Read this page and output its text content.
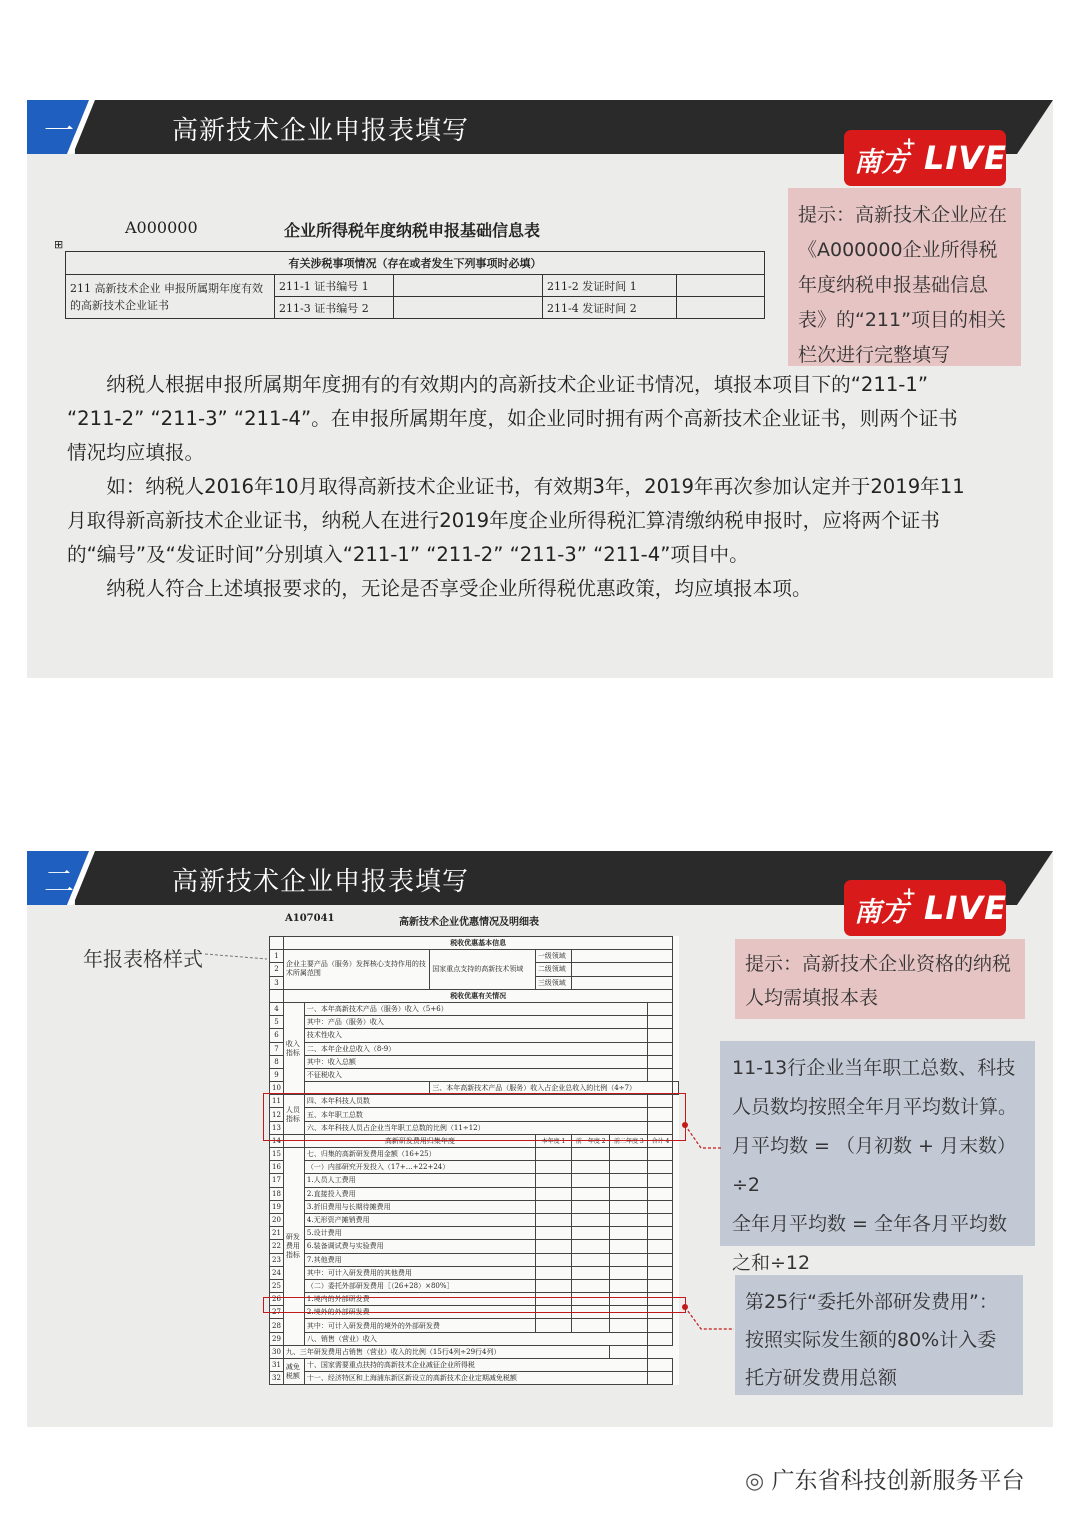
一	高新技术企业申报表填写
南方
+ LIVE
提示：高新技术企业应在《A000000企业所得税年度纳税申报基础信息表》的“211”项目的相关栏次进行完整填写
A000000	企业所得税年度纳税申报基础信息表
⊞
有关涉税事项情况（存在或者发生下列事项时必填）				
211 高新技术企业 申报所属期年度有效的高新技术企业证书	211-1 证书编号 1		211-2 发证时间 1	
	211-3 证书编号 2		211-4 发证时间 2	

纳税人根据申报所属期年度拥有的有效期内的高新技术企业证书情况，填报本项目下的“211-1” “211-2” “211-3” “211-4”。在申报所属期年度，如企业同时拥有两个高新技术企业证书，则两个证书情况均应填报。

如：纳税人2016年10月取得高新技术企业证书，有效期3年，2019年再次参加认定并于2019年11月取得新高新技术企业证书，纳税人在进行2019年度企业所得税汇算清缴纳税申报时，应将两个证书的“编号”及“发证时间”分别填入“211-1” “211-2” “211-3” “211-4”项目中。

纳税人符合上述填报要求的，无论是否享受企业所得税优惠政策，均应填报本项。

二	高新技术企业申报表填写
南方
+ LIVE
年报表格样式	提示：高新技术企业资格的纳税人均需填报本表
11-13行企业当年职工总数、科技人员数均按照全年月平均数计算。
月平均数 = （月初数 + 月末数）÷2
全年月平均数 = 全年各月平均数之和÷12
第25行“委托外部研发费用”：按照实际发生额的80%计入委托方研发费用总额
A107041	高新技术企业优惠情况及明细表
	税收优惠基本信息							
1	企业主要产品（服务）发挥核心支持作用的技术所属范围		国家重点支持的高新技术领域	一级领域				
2				二级领域				
3				三级领域				
	税收优惠有关情况							
4	收入指标	一、本年高新技术产品（服务）收入（5+6）						
5		其中：产品（服务）收入						
6		技术性收入						
7		二、本年企业总收入（8-9）						
8		其中：收入总额						
9		不征税收入						
10			三、本年高新技术产品（服务）收入占企业总收入的比例（4÷7）					
11	人员指标	四、本年科技人员数						
12		五、本年职工总数						
13		六、本年科技人员占企业当年职工总数的比例（11÷12）						
14		高新研发费用归集年度		本年度 1	前一年度 2	前二年度 3	合计 4	
15	研发费用指标	七、归集的高新研发费用金额（16+25）						
16		（一）内部研究开发投入（17+…+22+24）						
17		1.人员人工费用						
18		2.直接投入费用						
19		3.折旧费用与长期待摊费用						
20		4.无形资产摊销费用						
21		5.设计费用						
22		6.装备调试费与实验费用						
23		7.其他费用						
24		其中：可计入研发费用的其他费用						
25		（二）委托外部研发费用［（26+28）×80%］						
26		1.境内的外部研发费						
27		2.境外的外部研发费						
28		其中：可计入研发费用的境外的外部研发费						
29		八、销售（营业）收入						
30	九、三年研发费用占销售（营业）收入的比例（15行4列÷29行4列）							
31	减免税额	十、国家需要重点扶持的高新技术企业减征企业所得税						
32		十一、经济特区和上海浦东新区新设立的高新技术企业定期减免税额						
◎ 广东省科技创新服务平台
